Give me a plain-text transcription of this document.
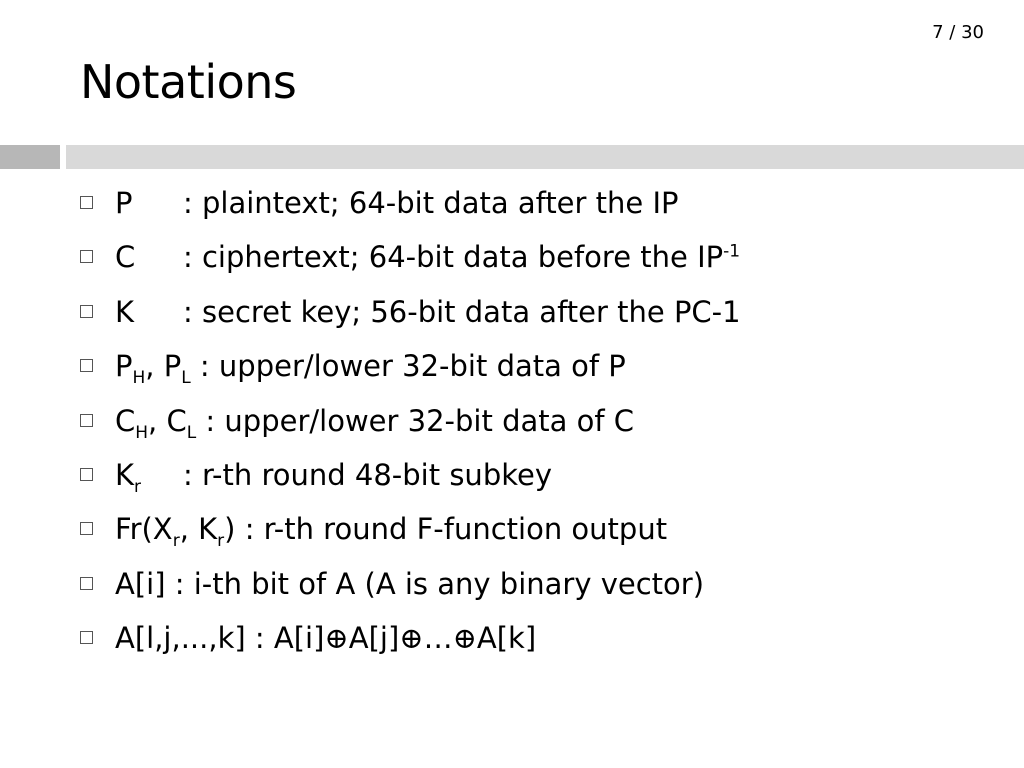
7 / 30
Notations
P	: plaintext; 64-bit data after the IP
C	: ciphertext; 64-bit data before the $IP^{-1}$
K	: secret key; 56-bit data after the PC-1
$P_H$, $P_L$ : upper/lower 32-bit data of P
$C_H$, $C_L$ : upper/lower 32-bit data of C
$K_r$	: r-th round 48-bit subkey
$Fr(X_r$, $K_r$) : r-th round F-function output
A[i] : i-th bit of A (A is any binary vector)
A[l,j,...,k] : A[i]⊕A[j]⊕…⊕A[k]
